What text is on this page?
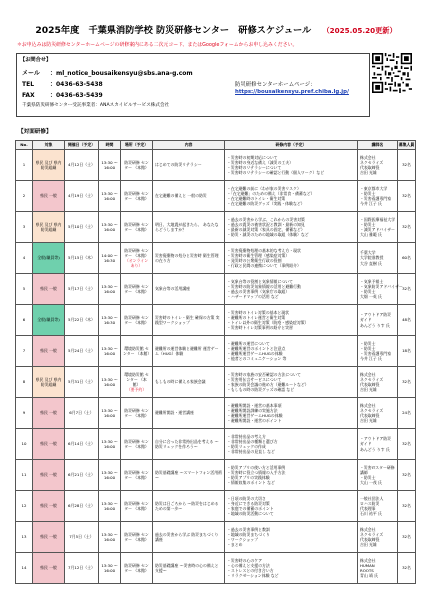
2025年度　千葉県消防学校 防災研修センター　研修スケジュール （2025.05.20更新）
＊お申込みは防災研修センターホームページの研修案内にある二次元コード、またはGoogleフォームからお申し込みください。
【お問合せ】
メール ：ml_notice_bousaikensyu@sbs.ana-g.com
TEL	：0436-63-5438
FAX	：0436-63-5439
千葉県防災研修センター受託事業者：ANAスカイビルサービス株式会社
防災研修センターホームページ：
https://bousaikensyu.pref.chiba.lg.jp/
【対面研修】
No.	対象	開催日（予定）	時間	場所（予定）	内容	研修内容（予定）	講師名	募集人員
1	県民 及び 県内防災組織	4月12日（土）	13:30 ～ 16:00	防災研修 センター （本館）	はじめての防災リテラシー	・災害時の初期対応について
・災害時の身近な備え（減災の工夫）
・災害時のリテラシーについて
・災害時のリテラシーの確認と行動（個人ワーク）など	株式会社
ネクセライズ
代表取締役
吉田 光雄	32名
2	県民 一般	4月19日（土）	13:30 ～ 16:00	防災研修 センター （本館）	在宅避難の備えと 一般の防災	・在宅避難の前に（わが家の災害リスク）
・「在宅避難」のための備え（非常食・備蓄など）
・在宅避難時のトイレ・衛生対策
・在宅避難の防災グッズ（実践・体験など）	・東京都市大学
・防災士
・災害看護専門家
今井 江子 氏	32名
3	県民 及び 県内防災組織	5月10日（土）	13:30 ～ 16:00	防災研修 センター （本館）	明日、大地震が起きたら、 あなたならどうしますか？	・過去の災害から学ぶ、これからの災害対策
・過去の震災の被害状況と教訓・最新の知見
・最新の減災対策（家具の固定、備蓄など）
・防災・減災のための地域の取組（体験）など	・国際医療福祉大学
・防災士
・減災アドバイザー
大山 雅範 氏	32名
4	全般(職員等)	5月15日（木）	14:00 ～ 16:30	防災研修 センター （本館）
（オンライン あり）	災害廃棄物の処分と災害時 衛生管理の在り方	・災害廃棄物処理の基本的な考え方・現状
・災害時の衛生管理（感染症対策）
・発災時の公衆衛生行政の役割
・行政と民間の連携について（事例紹介）	千葉大学
大学院准教授
大谷 直樹 氏	60名
5	県民 一般	5月17日（土）	13:30 ～ 16:00	防災研修 センター （本館）	気象台等の活用講座	・気象台等の役割と気象情報について
・災害時の防災気象情報の活用と避難行動
・過去の災害事例（気象庁の取組）
・ハザードマップの活用 など	・気象予報士
・気象防災アドバイザー
・防災士
大畑 一英 氏	32名
6	全般(職員等)	5月22日（木）	13:30 ～ 16:30	防災研修 センター （本館）	災害時のトイレ・衛生 確保の方策 実践型ワークショップ	・災害時のトイレ対策の基本と現状
・避難所のトイレ運営と衛生対策
・トイレ以外の衛生対策（防疫・感染症対策）
・災害時トイレ対策事例の紹介と実習	・アウトドア防災
ガイド
あんどう りす 氏	48名
7	県民 一般	5月24日（土）	13:30 ～ 16:00	環境防災館 センター （本館）	避難所の運営体験と避難所 運営ゲーム（HUG）体験	・避難所の運営について
・避難所運営のポイントと注意点
・避難所運営ゲームHUGの体験
・他者とのコミュニケーション 等	・防災士
・防災士
・災害看護専門家
今井 江子 氏	18名
8	県民 及び 県内防災組織	5月31日（土）	13:30 ～ 16:00	環境防災館 センター （本館）
（要予約）	もしもの時に備える家族会議	・災害時の家族の安否確認の方法について
・災害用伝言サービスについて
・家族の防災会議の進め方（避難ルートなど）
・もしもの時の防災グッズの確認 など	株式会社
ネクセライズ
代表取締役
吉田 光雄	32名
9	県民 一般	6月7日（土）	13:30 ～ 16:00	防災研修 センター （本館）	避難所開設・運営講座	・避難所開設・運営の基本事項
・避難所開設訓練の実施方法
・避難所運営ゲームHUGの体験
・避難所開設・運営のポイント	株式会社
ネクセライズ
代表取締役
吉田 光雄	24名
10	県民 一般	6月14日（土）	13:30 ～ 16:00	防災研修 センター （本館）	自分に合った非常持出品を考える ～防災リュックを作ろう～	・非常持出品の考え方
・非常持出品の種類と選び方
・防災リュックの作成
・非常持出品の見直し など	・アウトドア防災
ガイド
あんどう りす 氏	32名
11	県民 一般	6月21日（土）	13:30 ～ 16:00	防災研修 センター （本館）	防災基礎講座 ～スマートフォン活用術～	・防災アプリの使い方と活用事例
・災害時に役立つ情報の入手方法
・防災アプリの実践体験
・情報収集のポイント など	・災害ITスター研修
講師
・防災士
大山 一茂 氏	32名
12	県民 一般	6月28日（土）	13:30 ～ 16:00	防災研修 センター （本館）	防災は日ごろから ～防災をはじめるための第一歩～	・日頃の防災の大切さ
・身近にできる防災対策
・家庭での備蓄のポイント
・地域の防災活動について	一般社団法人
ロハス防災
代表理事
石川 祐平 氏	32名
13	県民 一般	7月5日（土）	13:30 ～ 16:00	防災研修 センター （本館）	過去の災害から学ぶ 防災まちづくり講座	・過去の災害事例と教訓
・地域の防災まちづくり
・ワークショップ
・まとめ	株式会社
ネクセライズ
代表取締役
吉田 光雄	32名
14	県民 一般	7月12日（土）	13:30 ～ 16:00	防災研修 センター （本館）	防災基礎講座 ～災害時の心の備えと支援～	・災害時の心のケア
・心の備えと支援の方法
・ストレスとの付き合い方
・リラクゼーション体験 など	株式会社
HUMAN
ROOTS
青山 靖 氏	32名
